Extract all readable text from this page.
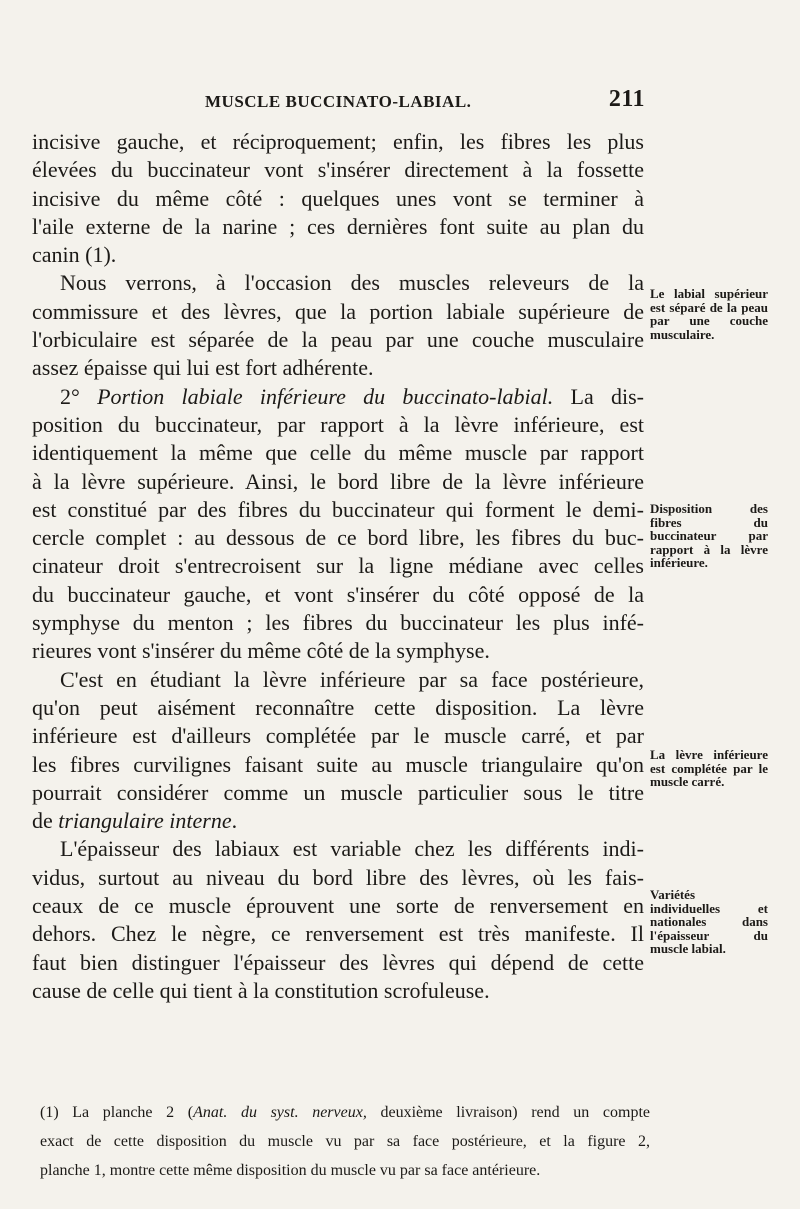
MUSCLE BUCCINATO-LABIAL.	211

incisive gauche, et réciproquement; enfin, les fibres les plus

élevées du buccinateur vont s'insérer directement à la fossette

incisive du même côté : quelques unes vont se terminer à

l'aile externe de la narine ; ces dernières font suite au plan du

canin (1).

Nous verrons, à l'occasion des muscles releveurs de la

commissure et des lèvres, que la portion labiale supérieure de

l'orbiculaire est séparée de la peau par une couche musculaire

assez épaisse qui lui est fort adhérente.

2° Portion labiale inférieure du buccinato-labial. La dis-

position du buccinateur, par rapport à la lèvre inférieure, est

identiquement la même que celle du même muscle par rapport

à la lèvre supérieure. Ainsi, le bord libre de la lèvre inférieure

est constitué par des fibres du buccinateur qui forment le demi-

cercle complet : au dessous de ce bord libre, les fibres du buc-

cinateur droit s'entrecroisent sur la ligne médiane avec celles

du buccinateur gauche, et vont s'insérer du côté opposé de la

symphyse du menton ; les fibres du buccinateur les plus infé-

rieures vont s'insérer du même côté de la symphyse.

C'est en étudiant la lèvre inférieure par sa face postérieure,

qu'on peut aisément reconnaître cette disposition. La lèvre

inférieure est d'ailleurs complétée par le muscle carré, et par

les fibres curvilignes faisant suite au muscle triangulaire qu'on

pourrait considérer comme un muscle particulier sous le titre

de triangulaire interne.

L'épaisseur des labiaux est variable chez les différents indi-

vidus, surtout au niveau du bord libre des lèvres, où les fais-

ceaux de ce muscle éprouvent une sorte de renversement en

dehors. Chez le nègre, ce renversement est très manifeste. Il

faut bien distinguer l'épaisseur des lèvres qui dépend de cette

cause de celle qui tient à la constitution scrofuleuse.

Le labial supérieur est séparé de la peau par une couche musculaire.
Disposition des fibres du buccinateur par rapport à la lèvre inférieure.
La lèvre inférieure est complétée par le muscle carré.
Variétés individuelles et nationales dans l'épaisseur du muscle labial.

(1) La planche 2 (Anat. du syst. nerveux, deuxième livraison) rend un compte

exact de cette disposition du muscle vu par sa face postérieure, et la figure 2,

planche 1, montre cette même disposition du muscle vu par sa face antérieure.
